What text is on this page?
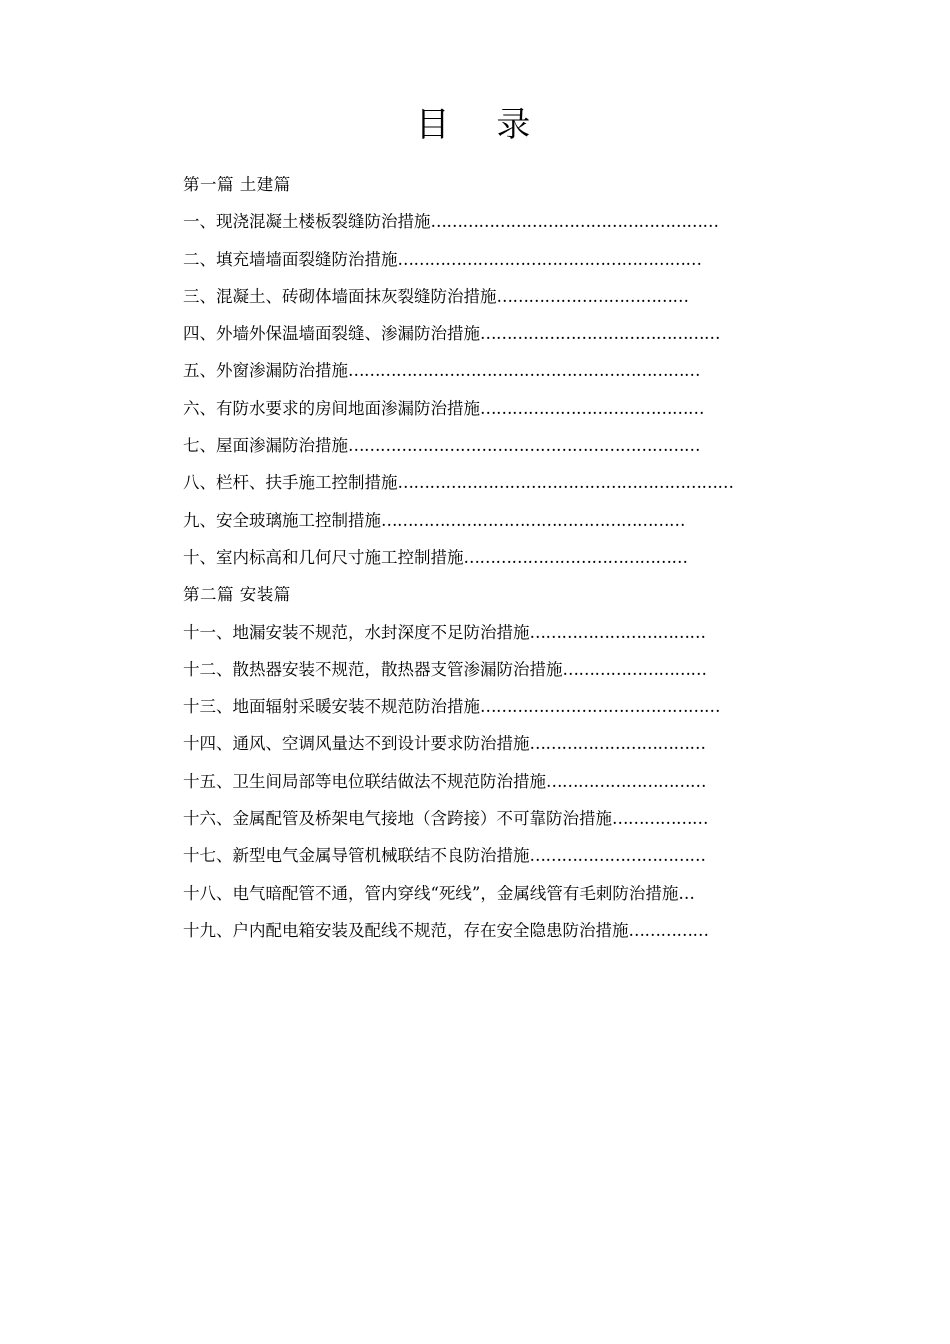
目 录
第一篇 土建篇
一、现浇混凝土楼板裂缝防治措施 ………………………………………………
二、填充墙墙面裂缝防治措施 …………………………………………………
三、混凝土、砖砌体墙面抹灰裂缝防治措施 ………………………………
四、外墙外保温墙面裂缝、渗漏防治措施 ………………………………………
五、外窗渗漏防治措施 …………………………………………………………
六、有防水要求的房间地面渗漏防治措施 ……………………………………
七、屋面渗漏防治措施 …………………………………………………………
八、栏杆、扶手施工控制措施 ………………………………………………………
九、安全玻璃施工控制措施 …………………………………………………
十、室内标高和几何尺寸施工控制措施 ……………………………………
第二篇 安装篇
十一、地漏安装不规范，水封深度不足防治措施 ……………………………
十二、散热器安装不规范，散热器支管渗漏防治措施 ………………………
十三、地面辐射采暖安装不规范防治措施 ………………………………………
十四、通风、空调风量达不到设计要求防治措施 ……………………………
十五、卫生间局部等电位联结做法不规范防治措施 …………………………
十六、金属配管及桥架电气接地（含跨接）不可靠防治措施 ………………
十七、新型电气金属导管机械联结不良防治措施 ……………………………
十八、电气暗配管不通，管内穿线“死线”，金属线管有毛刺防治措施 …
十九、户内配电箱安装及配线不规范，存在安全隐患防治措施 ……………
